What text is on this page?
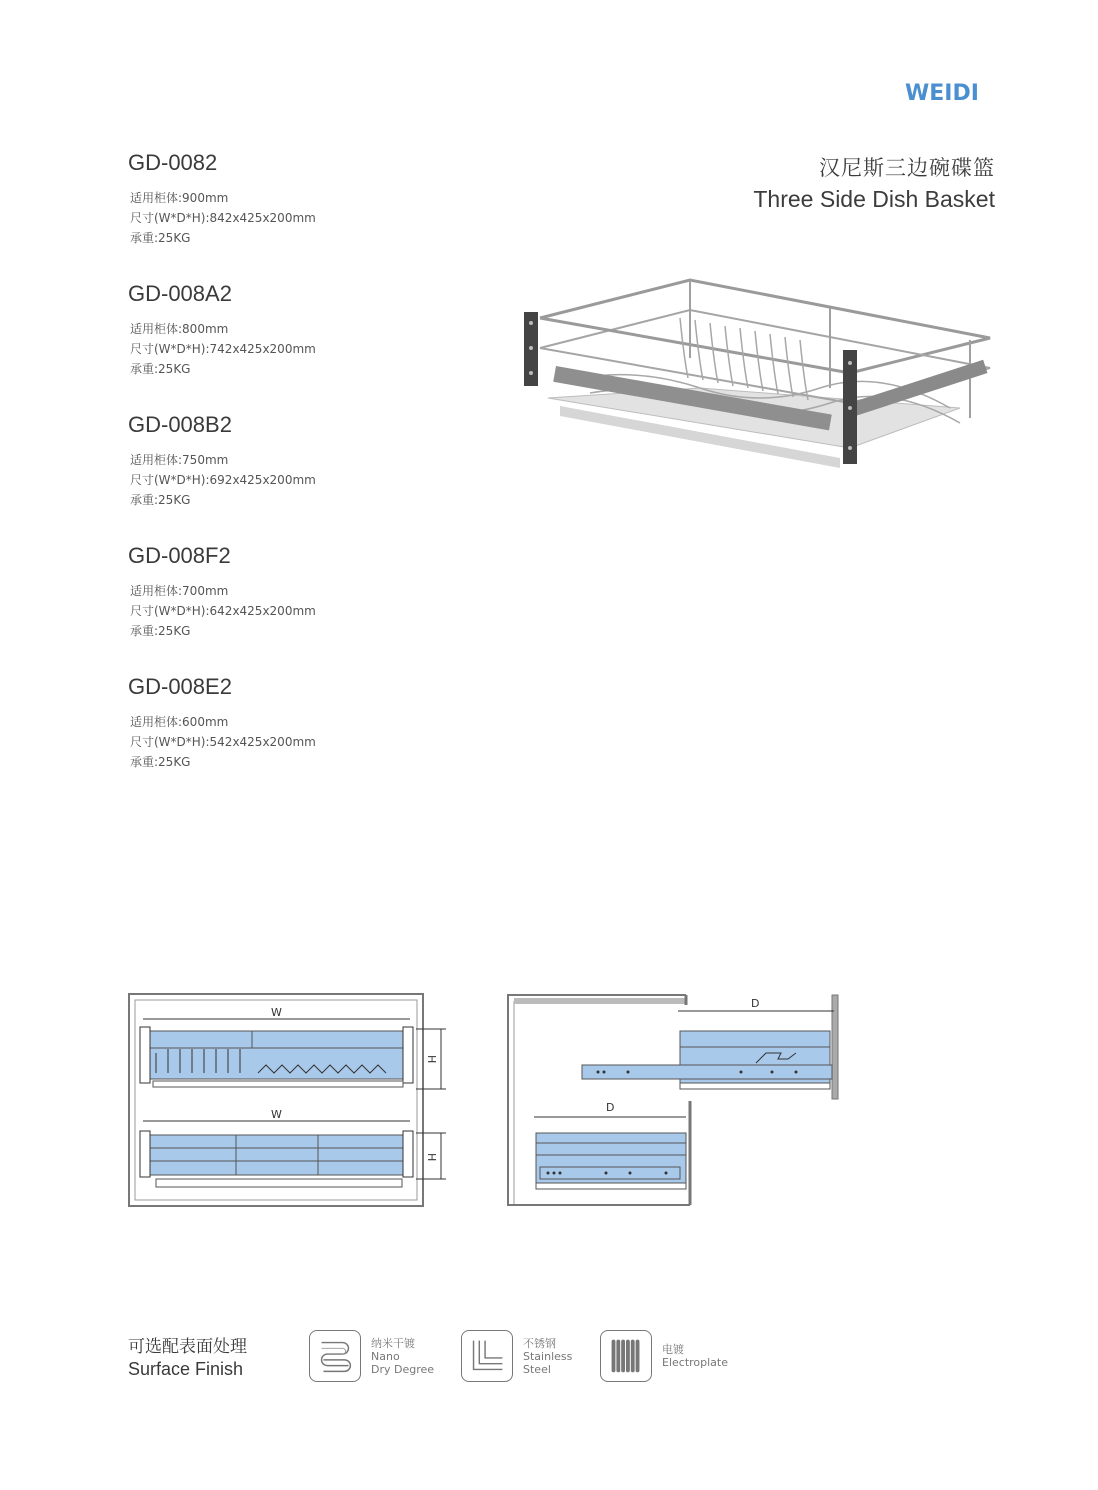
WEIDI
汉尼斯三边碗碟篮
Three Side Dish Basket
GD-0082
适用柜体:900mm
尺寸(W*D*H):842x425x200mm
承重:25KG
GD-008A2
适用柜体:800mm
尺寸(W*D*H):742x425x200mm
承重:25KG
GD-008B2
适用柜体:750mm
尺寸(W*D*H):692x425x200mm
承重:25KG
GD-008F2
适用柜体:700mm
尺寸(W*D*H):642x425x200mm
承重:25KG
GD-008E2
适用柜体:600mm
尺寸(W*D*H):542x425x200mm
承重:25KG
W
H
W
H
D
D
可选配表面处理
Surface Finish
纳米干镀
Nano
Dry Degree
不锈钢
Stainless
Steel
电镀
Electroplate
